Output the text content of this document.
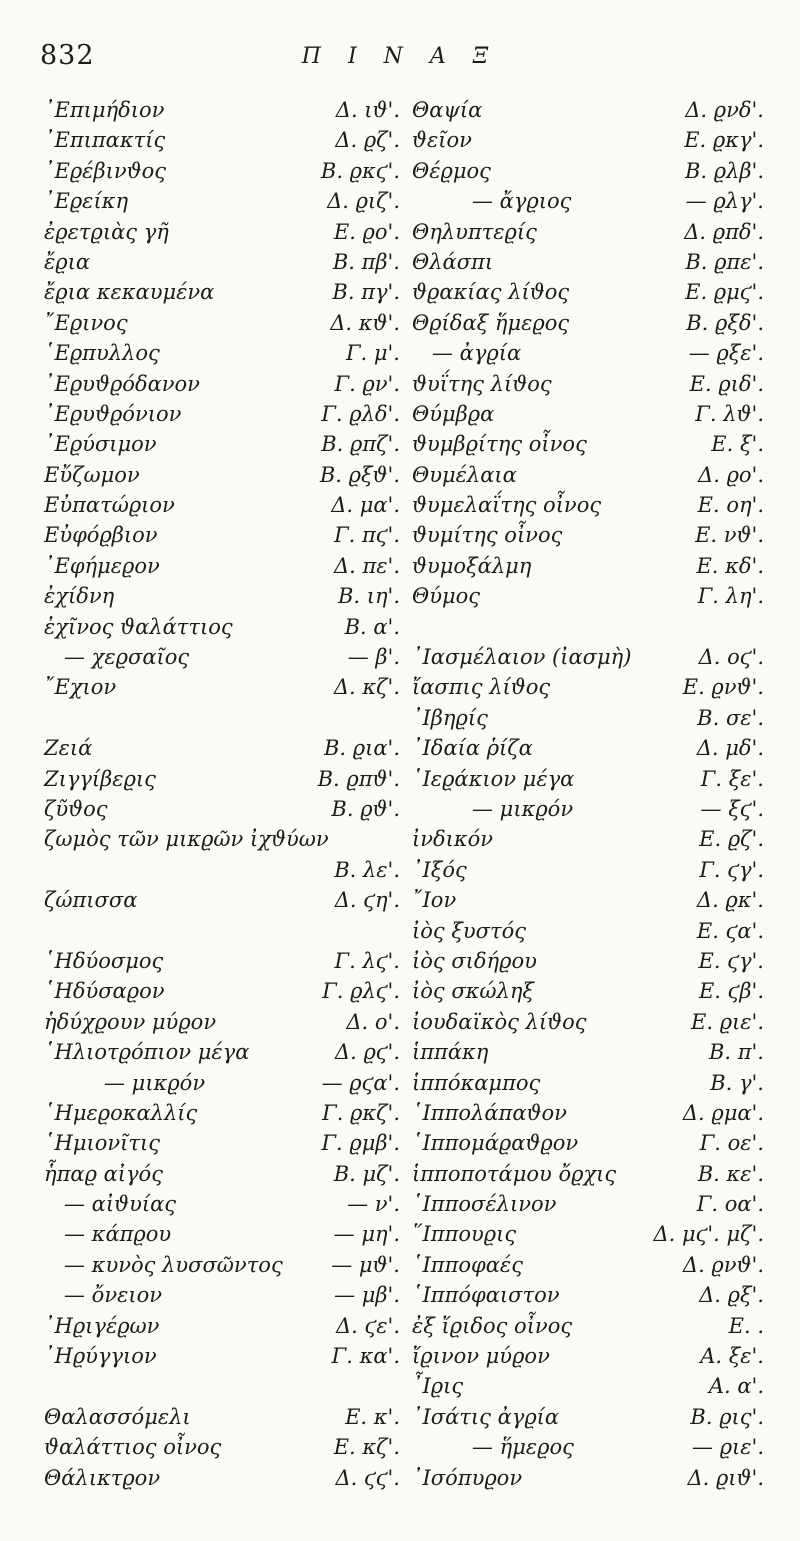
832	Π Ι Ν Α Ξ
᾿Επιμήδιον	Δ. ιϑ'.
᾿Επιπακτίς	Δ. ϱζ'.
᾿Εϱέβινϑος	Β. ϱκϛ'.
᾿Εϱείκη	Δ. ϱιζ'.
ἐϱετϱιὰς γῆ	Ε. ϱο'.
ἔϱια	Β. πβ'.
ἔϱια κεκαυμένα	Β. πγ'.
῎Εϱινος	Δ. κϑ'.
῾Εϱπυλλος	Γ. μ'.
᾿Εϱυϑϱόδανον	Γ. ϱν'.
᾿Εϱυϑϱόνιον	Γ. ϱλδ'.
᾿Εϱύσιμον	Β. ϱπζ'.
Εὔζωμον	Β. ϱξϑ'.
Εὐπατώϱιον	Δ. μα'.
Εὐφόϱβιον	Γ. πϛ'.
᾿Εφήμεϱον	Δ. πε'.
ἐχίδνη	Β. ιη'.
ἐχῖνος ϑαλάττιος	Β. α'.
— χεϱσαῖος	— β'.
῎Εχιον	Δ. κζ'.
Ζειά	Β. ϱια'.
Ζιγγίβεϱις	Β. ϱπϑ'.
ζῦϑος	Β. ϱϑ'.
ζωμὸς τῶν μικϱῶν ἰχϑύων
Β. λε'.
ζώπισσα	Δ. ϛη'.
῾Ηδύοσμος	Γ. λϛ'.
῾Ηδύσαϱον	Γ. ϱλϛ'.
ἡδύχϱουν μύϱον	Δ. ο'.
῾Ηλιοτϱόπιον μέγα	Δ. ϱϛ'.
— μικϱόν	— ϱϛα'.
῾Ημεϱοκαλλίς	Γ. ϱκζ'.
῾Ημιονῖτις	Γ. ϱμβ'.
ἧπαϱ αἰγός	Β. μζ'.
— αἰϑυίας	— ν'.
— κάπϱου	— μη'.
— κυνὸς λυσσῶντος — μϑ'.
— ὄνειον	— μβ'.
᾿Ηϱιγέϱων	Δ. ϛε'.
᾿Ηϱύγγιον	Γ. κα'.
Θαλασσόμελι	Ε. κ'.
ϑαλάττιος οἶνος	Ε. κζ'.
Θάλικτϱον	Δ. ϛϛ'.
Θαψία	Δ. ϱνδ'.
ϑεῖον	Ε. ϱκγ'.
Θέϱμος	Β. ϱλβ'.
— ἄγϱιος	— ϱλγ'.
Θηλυπτεϱίς	Δ. ϱπδ'.
Θλάσπι	Β. ϱπε'.
ϑϱακίας λίϑος	Ε. ϱμϛ'.
Θϱίδαξ ἥμεϱος	Β. ϱξδ'.
— ἀγϱία	— ϱξε'.
ϑυΐτης λίϑος	Ε. ϱιδ'.
Θύμβϱα	Γ. λϑ'.
ϑυμβϱίτης οἶνος	Ε. ξ'.
Θυμέλαια	Δ. ϱο'.
ϑυμελαΐτης οἶνος	Ε. οη'.
ϑυμίτης οἶνος	Ε. νϑ'.
ϑυμοξάλμη	Ε. κδ'.
Θύμος	Γ. λη'.
᾿Ιασμέλαιον (ἰασμὴ)	Δ. οϛ'.
ἴασπις λίϑος	Ε. ϱνϑ'.
᾿Ιβηϱίς	Β. σε'.
᾿Ιδαία ῥίζα	Δ. μδ'.
῾Ιεϱάκιον μέγα	Γ. ξε'.
— μικϱόν	— ξϛ'.
ἰνδικόν	Ε. ϱζ'.
᾿Ιξός	Γ. ϛγ'.
῎Ιον	Δ. ϱκ'.
ἰὸς ξυστός	Ε. ϛα'.
ἰὸς σιδήϱου	Ε. ϛγ'.
ἰὸς σκώληξ	Ε. ϛβ'.
ἰουδαϊκὸς λίϑος	Ε. ϱιε'.
ἱππάκη	Β. π'.
ἱππόκαμπος	Β. γ'.
῾Ιππολάπαϑον	Δ. ϱμα'.
῾Ιππομάϱαϑϱον	Γ. οε'.
ἱπποποτάμου ὄϱχις	Β. κε'.
῾Ιπποσέλινον	Γ. οα'.
῞Ιππουϱις	Δ. μϛ'. μζ'.
῾Ιπποφαές	Δ. ϱνϑ'.
῾Ιππόφαιστον	Δ. ϱξ'.
ἐξ ἴϱιδος οἶνος	Ε. .
ἴϱινον μύϱον	Α. ξε'.
῏Ιϱις	Α. α'.
᾿Ισάτις ἀγϱία	Β. ϱις'.
— ἥμεϱος	— ϱιε'.
᾿Ισόπυϱον	Δ. ϱιϑ'.
